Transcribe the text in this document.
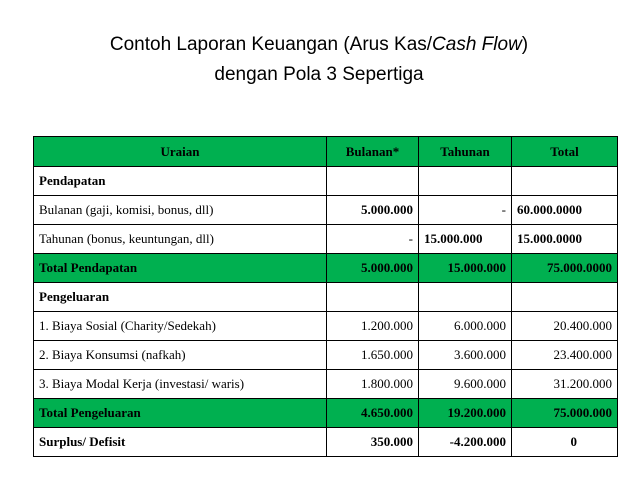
Contoh Laporan Keuangan (Arus Kas/Cash Flow)
dengan Pola 3 Sepertiga
Uraian	Bulanan*	Tahunan	Total
Pendapatan			
Bulanan (gaji, komisi, bonus, dll)	5.000.000	-	60.000.0000
Tahunan (bonus, keuntungan, dll)	-	15.000.000	15.000.0000
Total Pendapatan	5.000.000	15.000.000	75.000.0000
Pengeluaran			
1. Biaya Sosial (Charity/Sedekah)	1.200.000	6.000.000	20.400.000
2. Biaya Konsumsi (nafkah)	1.650.000	3.600.000	23.400.000
3. Biaya Modal Kerja (investasi/ waris)	1.800.000	9.600.000	31.200.000
Total Pengeluaran	4.650.000	19.200.000	75.000.000
Surplus/ Defisit	350.000	-4.200.000	0
